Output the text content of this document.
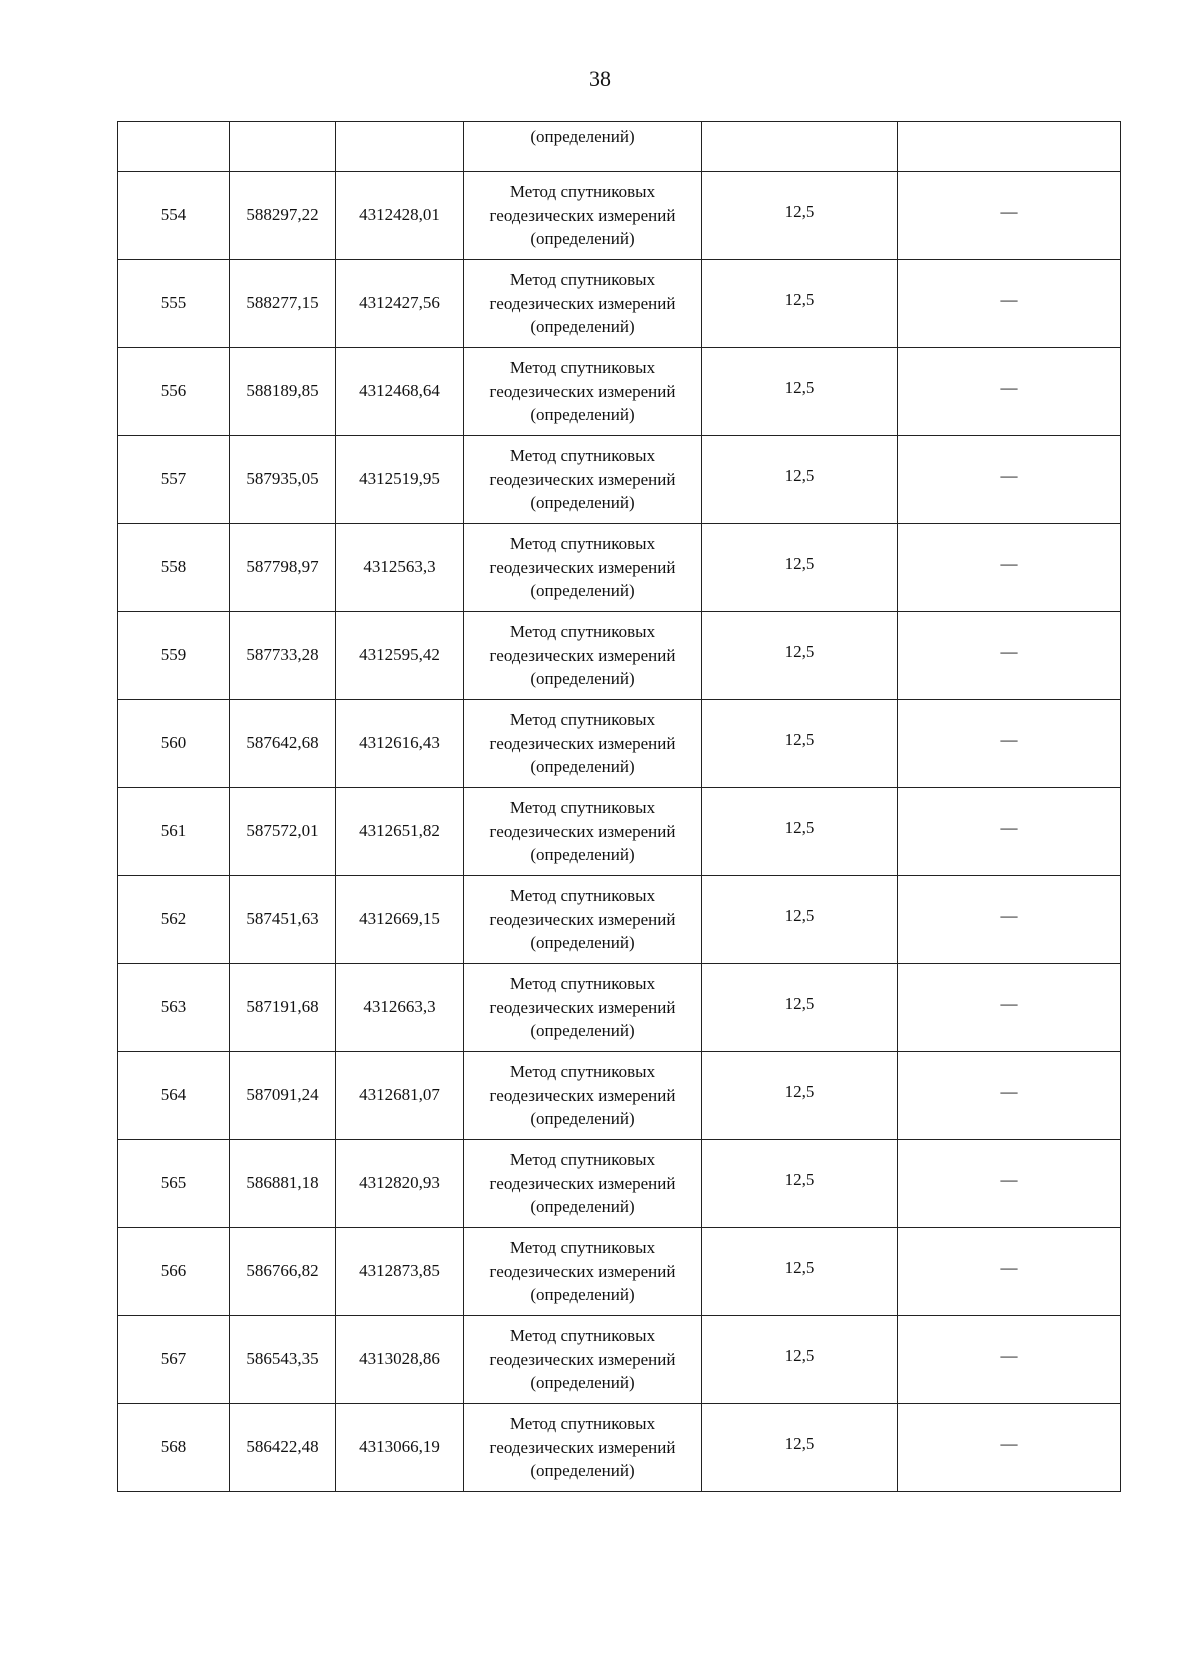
38
			(определений)		
554	588297,22	4312428,01	Метод спутниковых
геодезических измерений
(определений)	12,5	—
555	588277,15	4312427,56	Метод спутниковых
геодезических измерений
(определений)	12,5	—
556	588189,85	4312468,64	Метод спутниковых
геодезических измерений
(определений)	12,5	—
557	587935,05	4312519,95	Метод спутниковых
геодезических измерений
(определений)	12,5	—
558	587798,97	4312563,3	Метод спутниковых
геодезических измерений
(определений)	12,5	—
559	587733,28	4312595,42	Метод спутниковых
геодезических измерений
(определений)	12,5	—
560	587642,68	4312616,43	Метод спутниковых
геодезических измерений
(определений)	12,5	—
561	587572,01	4312651,82	Метод спутниковых
геодезических измерений
(определений)	12,5	—
562	587451,63	4312669,15	Метод спутниковых
геодезических измерений
(определений)	12,5	—
563	587191,68	4312663,3	Метод спутниковых
геодезических измерений
(определений)	12,5	—
564	587091,24	4312681,07	Метод спутниковых
геодезических измерений
(определений)	12,5	—
565	586881,18	4312820,93	Метод спутниковых
геодезических измерений
(определений)	12,5	—
566	586766,82	4312873,85	Метод спутниковых
геодезических измерений
(определений)	12,5	—
567	586543,35	4313028,86	Метод спутниковых
геодезических измерений
(определений)	12,5	—
568	586422,48	4313066,19	Метод спутниковых
геодезических измерений
(определений)	12,5	—
